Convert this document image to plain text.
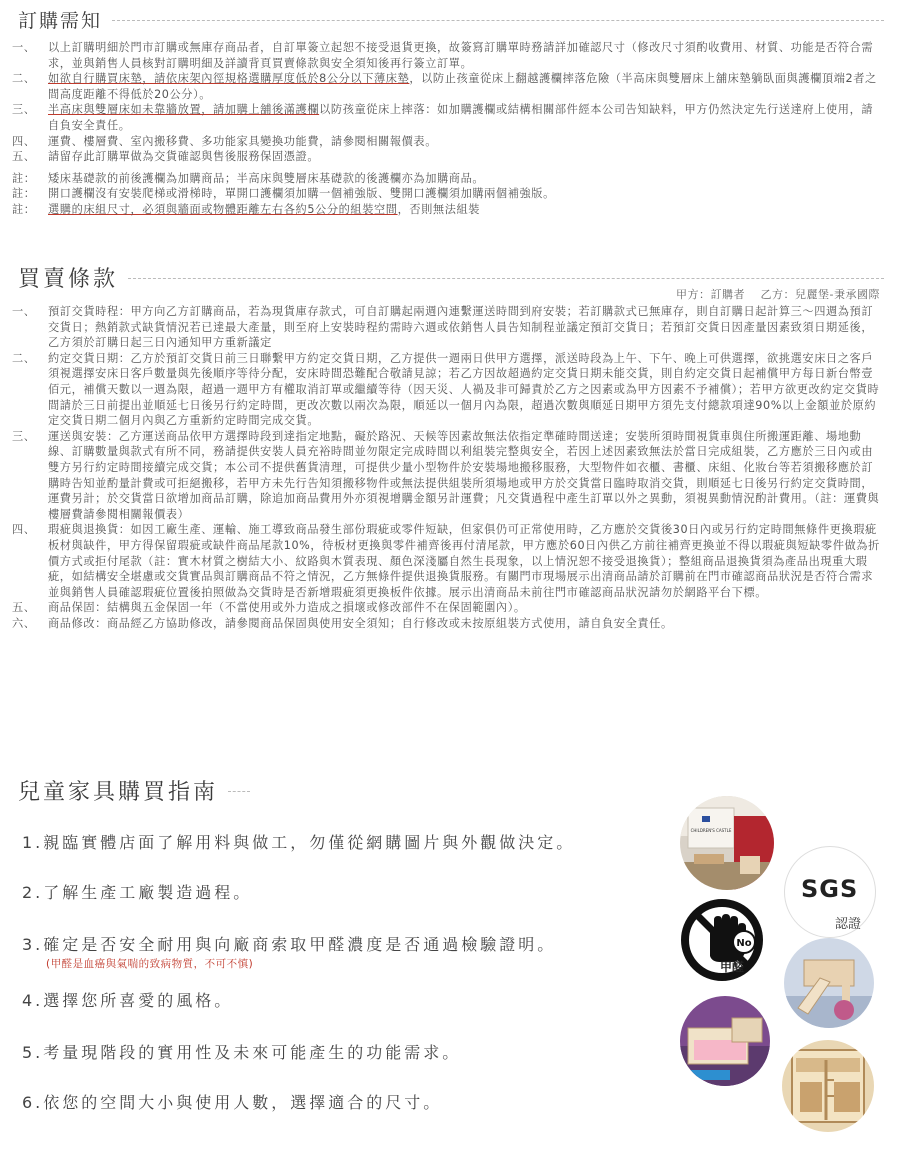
訂購需知
一、	以上訂購明細於門市訂購或無庫存商品者，自訂單簽立起恕不接受退貨更換，故簽寫訂購單時務請詳加確認尺寸（修改尺寸須酌收費用、材質、功能是否符合需求，並與銷售人員核對訂購明細及詳讀背頁買賣條款與安全須知後再行簽立訂單。
二、	如欲自行購買床墊，請依床架內徑規格選購厚度低於8公分以下薄床墊，以防止孩童從床上翻越護欄摔落危險（半高床與雙層床上舖床墊躺臥面與護欄頂端2者之間高度距離不得低於20公分）。
三、	半高床與雙層床如未靠牆放置，請加購上舖後滿護欄以防孩童從床上摔落：如加購護欄或結構相關部件經本公司告知缺料，甲方仍然決定先行送達府上使用，請自負安全責任。
四、	運費、樓層費、室內搬移費、多功能家具變換功能費，請參閱相關報價表。
五、	請留存此訂購單做為交貨確認與售後服務保固憑證。
註：	矮床基礎款的前後護欄為加購商品；半高床與雙層床基礎款的後護欄亦為加購商品。
註：	開口護欄沒有安裝爬梯或滑梯時，單開口護欄須加購一個補強版、雙開口護欄須加購兩個補強版。
註：	選購的床組尺寸，必須與牆面或物體距離左右各約5公分的組裝空間，否則無法組裝
買賣條款
甲方：訂購者　 乙方：兒麗堡-秉承國際
一、	預訂交貨時程：甲方向乙方訂購商品，若為現貨庫存款式，可自訂購起兩週內連繫運送時間到府安裝；若訂購款式已無庫存，則自訂購日起計算三～四週為預訂交貨日；熱銷款式缺貨情況若已達最大產量，則至府上安裝時程約需時六週或依銷售人員告知制程並議定預訂交貨日；若預訂交貨日因產量因素致須日期延後，乙方須於訂購日起三日內通知甲方重新議定
二、	約定交貨日期：乙方於預訂交貨日前三日聯繫甲方約定交貨日期，乙方提供一週兩日供甲方選擇，派送時段為上午、下午、晚上可供選擇，欲挑選安床日之客戶須視選擇安床日客戶數量與先後順序等待分配，安床時間恐難配合敬請見諒；若乙方因故超過約定交貨日期未能交貨，則自約定交貨日起補償甲方每日新台幣壹佰元，補償天數以一週為限，超過一週甲方有權取消訂單或繼續等待（因天災、人禍及非可歸責於乙方之因素或為甲方因素不予補償）；若甲方欲更改約定交貨時間請於三日前提出並順延七日後另行約定時間，更改次數以兩次為限，順延以一個月內為限，超過次數與順延日期甲方須先支付總款項達90%以上金額並於原約定交貨日期二個月內與乙方重新約定時間完成交貨。
三、	運送與安裝：乙方運送商品依甲方選擇時段到達指定地點，礙於路況、天候等因素故無法依指定準確時間送達；安裝所須時間視貨車與住所搬運距離、場地動線、訂購數量與款式有所不同，務請提供安裝人員充裕時間並勿限定完成時間以利組裝完整與安全，若因上述因素致無法於當日完成組裝，乙方應於三日內或由雙方另行約定時間接續完成交貨；本公司不提供舊貨清理，可提供少量小型物件於安裝場地搬移服務，大型物件如衣櫃、書櫃、床組、化妝台等若須搬移應於訂購時告知並酌量計費或可拒絕搬移，若甲方未先行告知須搬移物件或無法提供組裝所須場地或甲方於交貨當日臨時取消交貨，則順延七日後另行約定交貨時間，運費另計；於交貨當日欲增加商品訂購，除追加商品費用外亦須視增購金額另計運費；凡交貨過程中產生訂單以外之異動，須視異動情況酌計費用。（註：運費與樓層費請參閱相關報價表）
四、	瑕疵與退換貨：如因工廠生產、運輸、施工導致商品發生部份瑕疵或零件短缺，但家俱仍可正常使用時，乙方應於交貨後30日內或另行約定時間無條件更換瑕疵板材與缺件，甲方得保留瑕疵或缺件商品尾款10%，待板材更換與零件補齊後再付清尾款，甲方應於60日內供乙方前往補齊更換並不得以瑕疵與短缺零件做為折價方式或拒付尾款（註：實木材質之樹結大小、紋路與木質表現、顏色深淺屬自然生長現象，以上情況恕不接受退換貨）；整組商品退換貨須為產品出現重大瑕疵，如結構安全堪慮或交貨實品與訂購商品不符之情況，乙方無條件提供退換貨服務。有關門市現場展示出清商品請於訂購前在門市確認商品狀況是否符合需求並與銷售人員確認瑕疵位置後拍照做為交貨時是否新增瑕疵須更換板件依據。展示出清商品未前往門市確認商品狀況請勿於網路平台下標。
五、	商品保固：結構與五金保固一年（不當使用或外力造成之損壞或修改部件不在保固範圍內）。
六、	商品修改：商品經乙方協助修改，請參閱商品保固與使用安全須知；自行修改或未按原組裝方式使用，請自負安全責任。
兒童家具購買指南
1.親臨實體店面了解用料與做工，勿僅從網購圖片與外觀做決定。
2.了解生產工廠製造過程。
3.確定是否安全耐用與向廠商索取甲醛濃度是否通過檢驗證明。
(甲醛是血癌與氣喘的致病物質，不可不慎)
4.選擇您所喜愛的風格。
5.考量現階段的實用性及未來可能產生的功能需求。
6.依您的空間大小與使用人數，選擇適合的尺寸。
CHILDREN'S CASTLE
SGS
認證
No
甲醛
